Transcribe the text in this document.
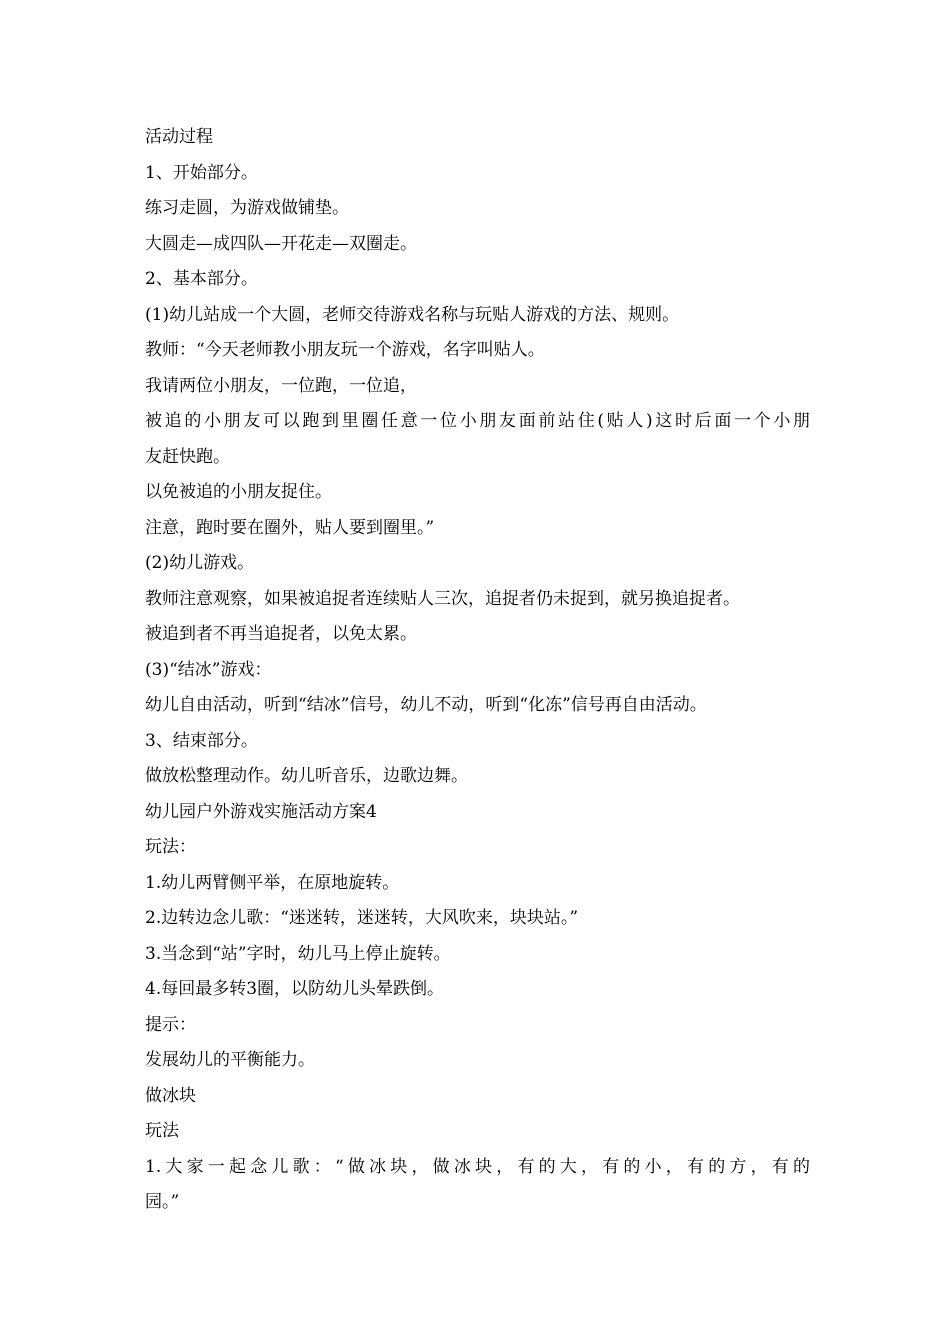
活动过程
1、开始部分。
练习走圆，为游戏做铺垫。
大圆走—成四队—开花走—双圈走。
2、基本部分。
(1)幼儿站成一个大圆，老师交待游戏名称与玩贴人游戏的方法、规则。
教师：“今天老师教小朋友玩一个游戏，名字叫贴人。
我请两位小朋友，一位跑，一位追，
被追的小朋友可以跑到里圈任意一位小朋友面前站住(贴人)这时后面一个小朋
友赶快跑。
以免被追的小朋友捉住。
注意，跑时要在圈外，贴人要到圈里。”
(2)幼儿游戏。
教师注意观察，如果被追捉者连续贴人三次，追捉者仍未捉到，就另换追捉者。
被追到者不再当追捉者，以免太累。
(3)“结冰”游戏：
幼儿自由活动，听到“结冰”信号，幼儿不动，听到“化冻”信号再自由活动。
3、结束部分。
做放松整理动作。幼儿听音乐，边歌边舞。
幼儿园户外游戏实施活动方案4
玩法：
1.幼儿两臂侧平举，在原地旋转。
2.边转边念儿歌：“迷迷转，迷迷转，大风吹来，块块站。”
3.当念到“站”字时，幼儿马上停止旋转。
4.每回最多转3圈，以防幼儿头晕跌倒。
提示：
发展幼儿的平衡能力。
做冰块
玩法
1.大家一起念儿歌：“做冰块，做冰块，有的大，有的小，有的方，有的
园。”
